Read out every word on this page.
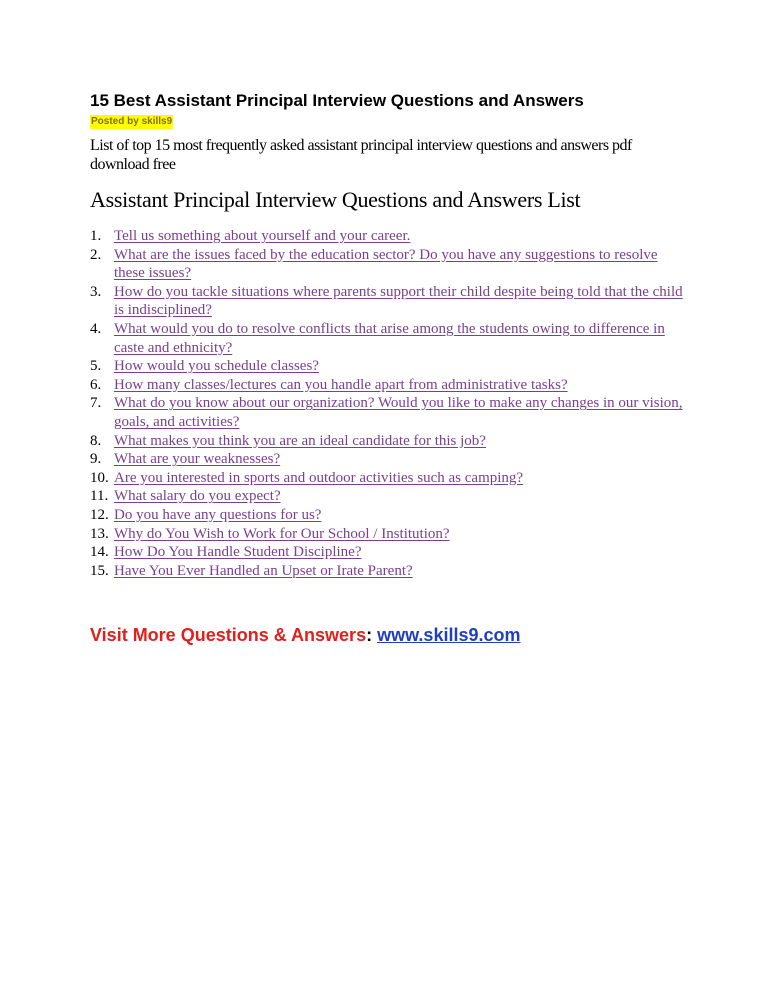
15 Best Assistant Principal Interview Questions and Answers
Posted by skills9
List of top 15 most frequently asked assistant principal interview questions and answers pdf download free
Assistant Principal Interview Questions and Answers List
1. Tell us something about yourself and your career.
2. What are the issues faced by the education sector? Do you have any suggestions to resolve these issues?
3. How do you tackle situations where parents support their child despite being told that the child is indisciplined?
4. What would you do to resolve conflicts that arise among the students owing to difference in caste and ethnicity?
5. How would you schedule classes?
6. How many classes/lectures can you handle apart from administrative tasks?
7. What do you know about our organization? Would you like to make any changes in our vision, goals, and activities?
8. What makes you think you are an ideal candidate for this job?
9. What are your weaknesses?
10. Are you interested in sports and outdoor activities such as camping?
11. What salary do you expect?
12. Do you have any questions for us?
13. Why do You Wish to Work for Our School / Institution?
14. How Do You Handle Student Discipline?
15. Have You Ever Handled an Upset or Irate Parent?
Visit More Questions & Answers: www.skills9.com
